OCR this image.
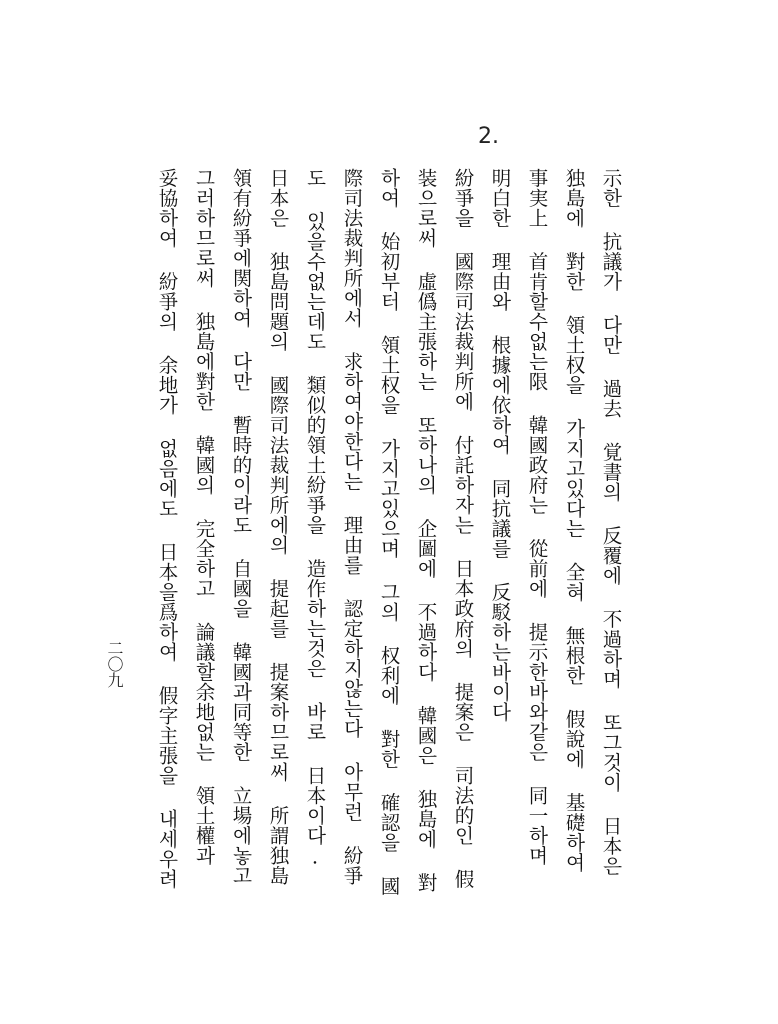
2.
示한 抗議가 다만 過去 覚書의 反覆에 不過하며 또그것이 日本은
独島에 對한 領土权을 가지고있다는 全혀 無根한 假說에 基礎하여
事実上 首肯할수없는限 韓國政府는 從前에 提示한바와같은 同一하며
明白한 理由와 根據에依하여 同抗議를 反駁하는바이다
紛爭을 國際司法裁判所에 付託하자는 日本政府의 提案은 司法的인 假
装으로써 虛僞主張하는 또하나의 企圖에 不過하다 韓國은 独島에 對
하여 始初부터 領土权을 가지고있으며 그의 权利에 對한 確認을 國
際司法裁判所에서 求하여야한다는 理由를 認定하지않는다 아무런 紛爭
도 있을수없는데도 類似的領土紛爭을 造作하는것은 바로 日本이다.
日本은 独島問題의 國際司法裁判所에의 提起를 提案하므로써 所謂独島
領有紛爭에関하여 다만 暫時的이라도 自國을 韓國과同等한 立場에놓고
그러하므로써 独島에對한 韓國의 完全하고 論議할余地없는 領土權과
妥協하여 紛爭의 余地가 없음에도 日本을爲하여 假字主張을 내세우려
二〇九
